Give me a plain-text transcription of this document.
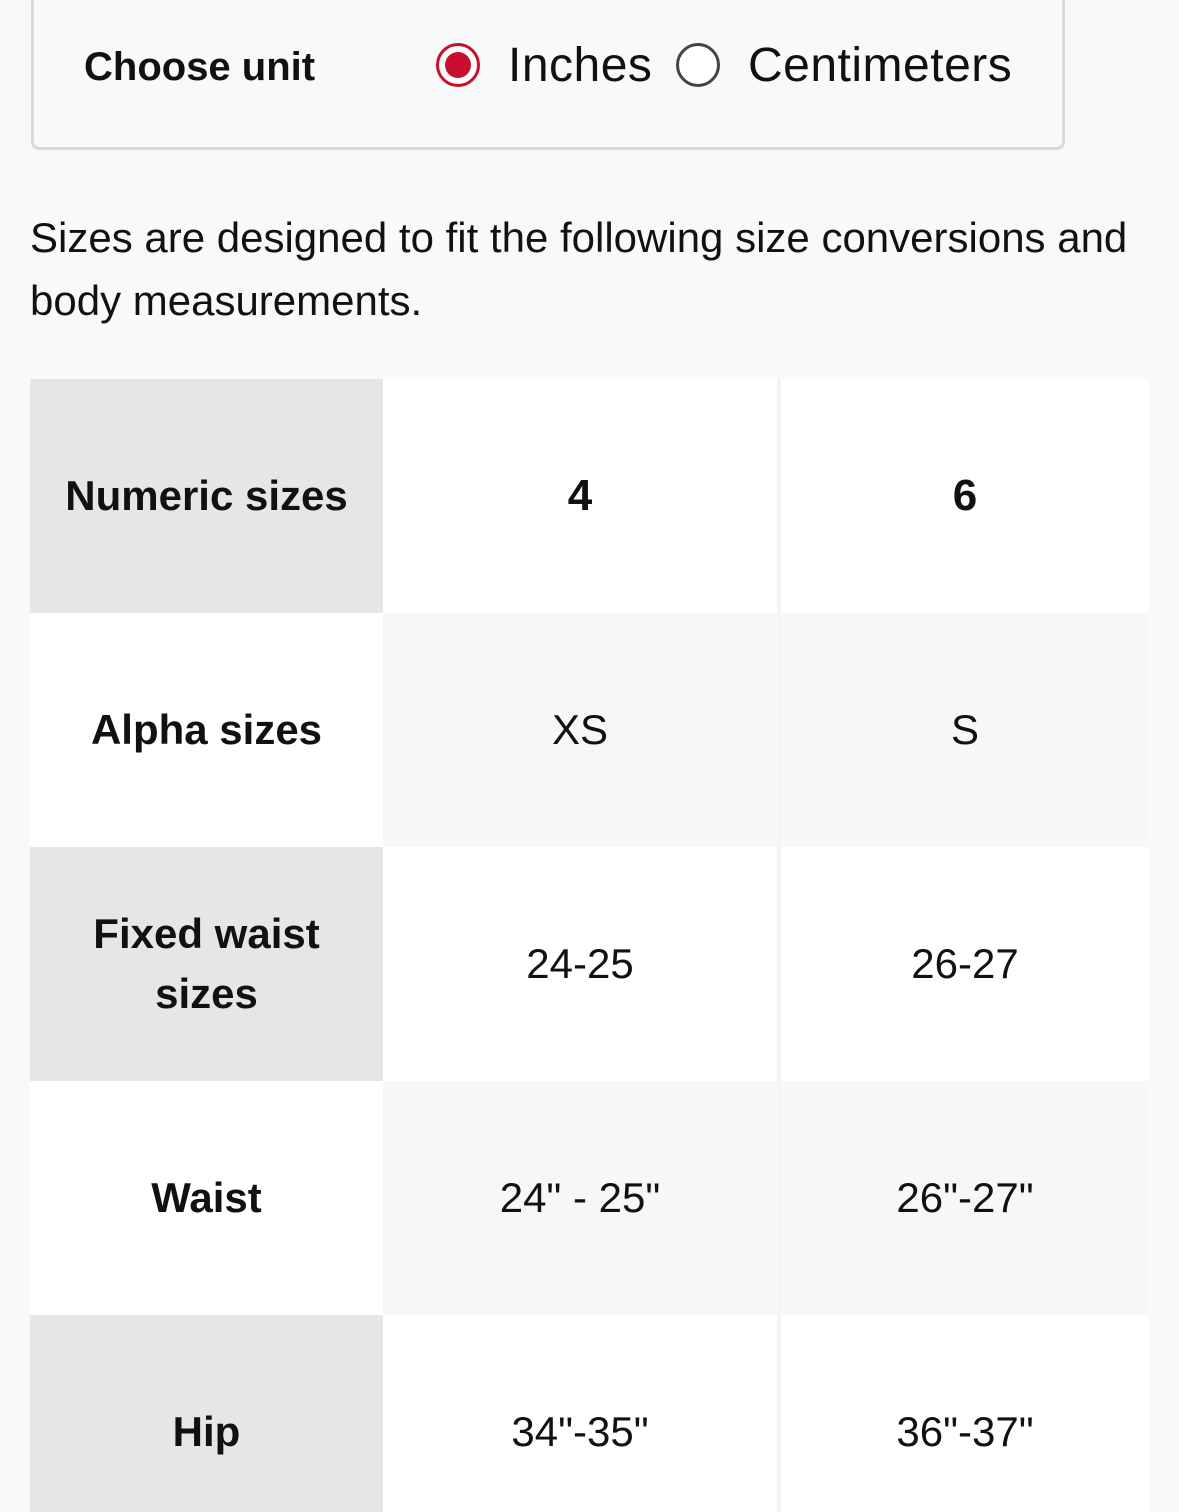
Choose unit	Inches Centimeters
Sizes are designed to fit the following size conversions and body measurements.
Numeric sizes	4	6
Alpha sizes	XS	S
Fixed waist sizes	24-25	26-27
Waist	24" - 25"	26"-27"
Hip	34"-35"	36"-37"
